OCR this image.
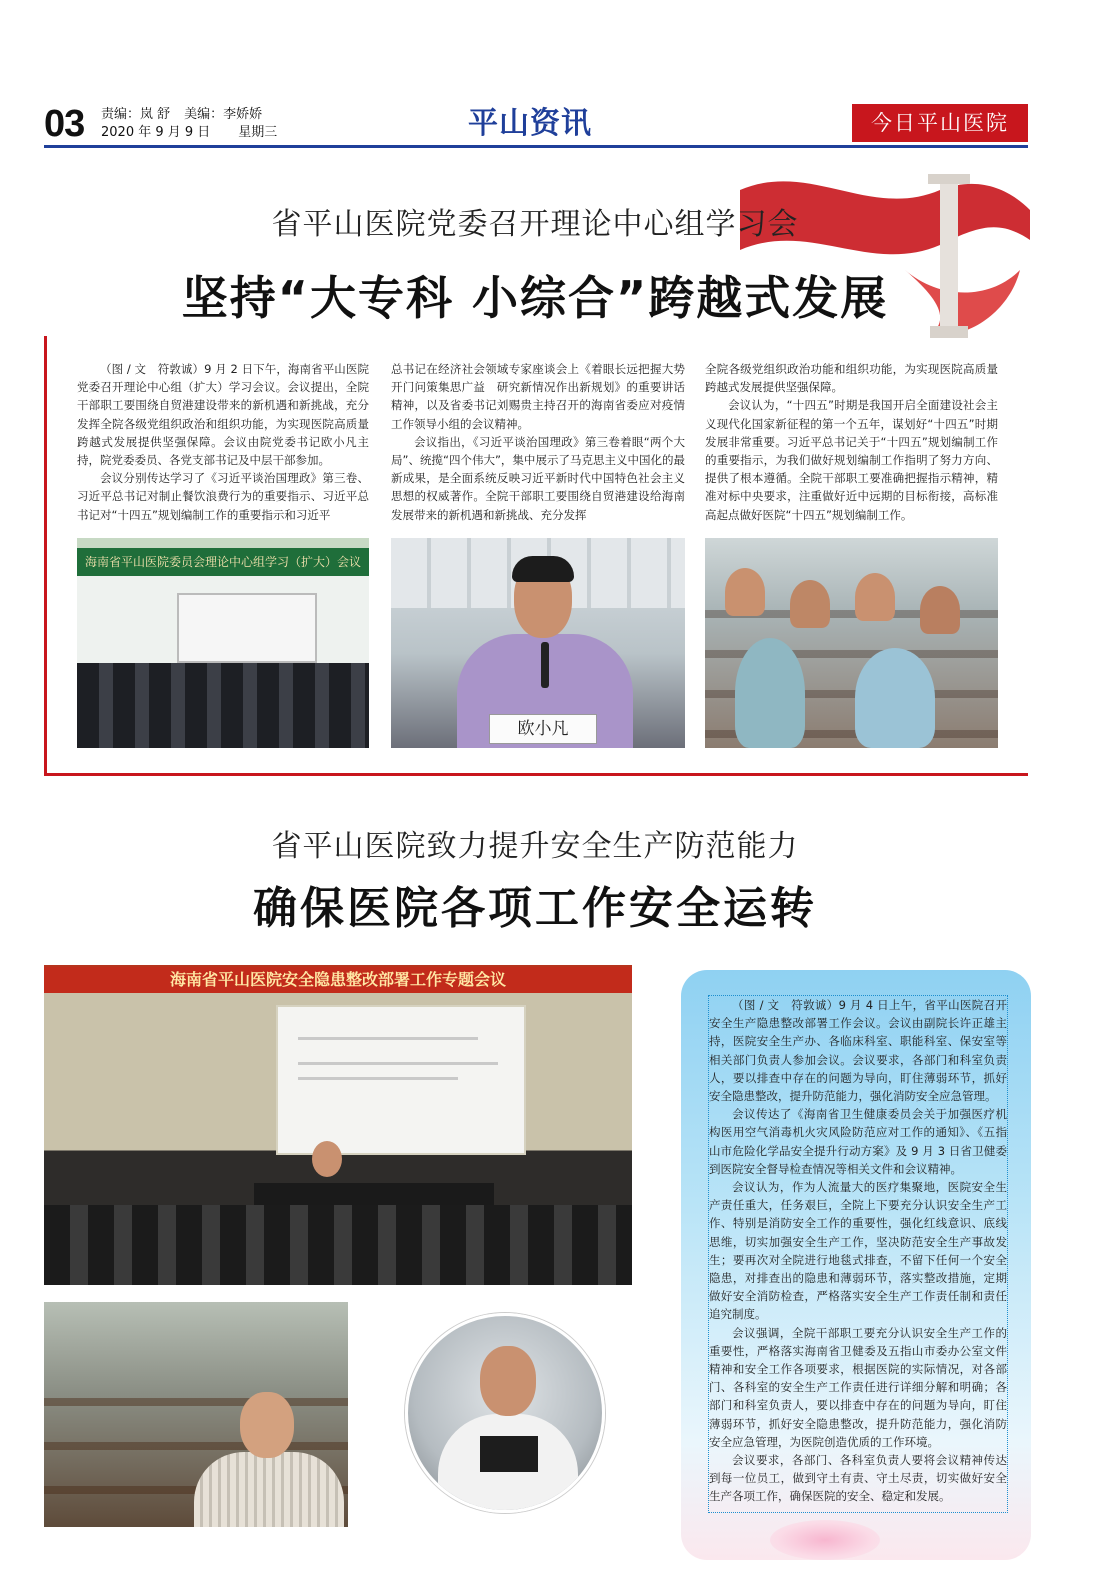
03 责编：岚 舒 美编：李娇娇
2020 年 9 月 9 日 星期三	平山资讯	今日平山医院
省平山医院党委召开理论中心组学习会
坚持“大专科 小综合”跨越式发展

（图 / 文　符敦诚）9 月 2 日下午，海南省平山医院党委召开理论中心组（扩大）学习会议。会议提出，全院干部职工要围绕自贸港建设带来的新机遇和新挑战，充分发挥全院各级党组织政治和组织功能，为实现医院高质量跨越式发展提供坚强保障。会议由院党委书记欧小凡主持，院党委委员、各党支部书记及中层干部参加。

会议分别传达学习了《习近平谈治国理政》第三卷、习近平总书记对制止餐饮浪费行为的重要指示、习近平总书记对“十四五”规划编制工作的重要指示和习近平

总书记在经济社会领域专家座谈会上《着眼长远把握大势开门问策集思广益　研究新情况作出新规划》的重要讲话精神，以及省委书记刘赐贵主持召开的海南省委应对疫情工作领导小组的会议精神。

会议指出，《习近平谈治国理政》第三卷着眼“两个大局”、统揽“四个伟大”，集中展示了马克思主义中国化的最新成果，是全面系统反映习近平新时代中国特色社会主义思想的权威著作。全院干部职工要围绕自贸港建设给海南发展带来的新机遇和新挑战、充分发挥

全院各级党组织政治功能和组织功能，为实现医院高质量跨越式发展提供坚强保障。

会议认为，“十四五”时期是我国开启全面建设社会主义现代化国家新征程的第一个五年，谋划好“十四五”时期发展非常重要。习近平总书记关于“十四五”规划编制工作的重要指示，为我们做好规划编制工作指明了努力方向、提供了根本遵循。全院干部职工要准确把握指示精神，精准对标中央要求，注重做好近中远期的目标衔接，高标准高起点做好医院“十四五”规划编制工作。

海南省平山医院委员会理论中心组学习（扩大）会议
欧小凡
省平山医院致力提升安全生产防范能力
确保医院各项工作安全运转
海南省平山医院安全隐患整改部署工作专题会议

（图 / 文　符敦诚）9 月 4 日上午，省平山医院召开安全生产隐患整改部署工作会议。会议由副院长许正雄主持，医院安全生产办、各临床科室、职能科室、保安室等相关部门负责人参加会议。会议要求，各部门和科室负责人，要以排查中存在的问题为导向，盯住薄弱环节，抓好安全隐患整改，提升防范能力，强化消防安全应急管理。

会议传达了《海南省卫生健康委员会关于加强医疗机构医用空气消毒机火灾风险防范应对工作的通知》、《五指山市危险化学品安全提升行动方案》及 9 月 3 日省卫健委到医院安全督导检查情况等相关文件和会议精神。

会议认为，作为人流量大的医疗集聚地，医院安全生产责任重大，任务艰巨，全院上下要充分认识安全生产工作、特别是消防安全工作的重要性，强化红线意识、底线思维，切实加强安全生产工作，坚决防范安全生产事故发生；要再次对全院进行地毯式排查，不留下任何一个安全隐患，对排查出的隐患和薄弱环节，落实整改措施，定期做好安全消防检查，严格落实安全生产工作责任制和责任追究制度。

会议强调，全院干部职工要充分认识安全生产工作的重要性，严格落实海南省卫健委及五指山市委办公室文件精神和安全工作各项要求，根据医院的实际情况，对各部门、各科室的安全生产工作责任进行详细分解和明确；各部门和科室负责人，要以排查中存在的问题为导向，盯住薄弱环节，抓好安全隐患整改，提升防范能力，强化消防安全应急管理，为医院创造优质的工作环境。

会议要求，各部门、各科室负责人要将会议精神传达到每一位员工，做到守土有责、守土尽责，切实做好安全生产各项工作，确保医院的安全、稳定和发展。
